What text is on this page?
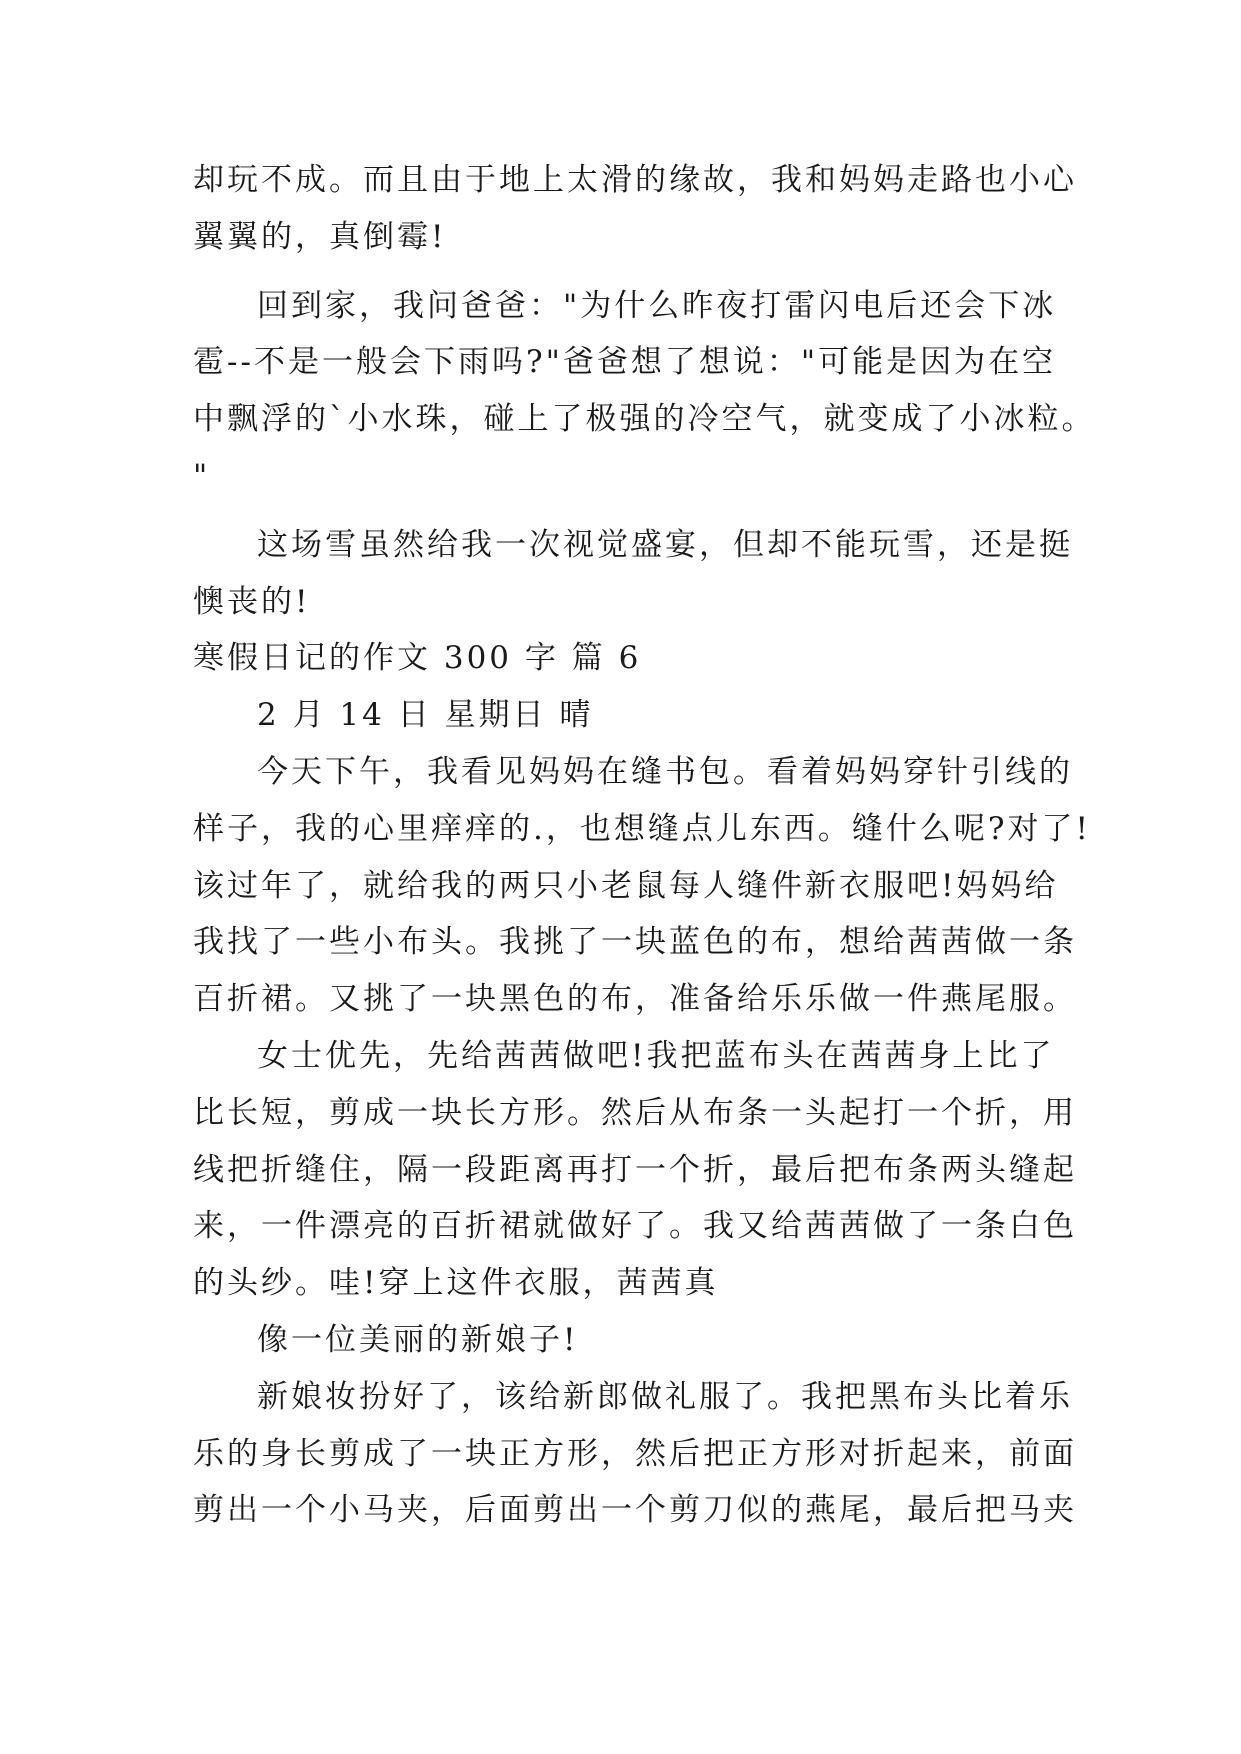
却玩不成。而且由于地上太滑的缘故，我和妈妈走路也小心
翼翼的，真倒霉!
回到家，我问爸爸："为什么昨夜打雷闪电后还会下冰
雹--不是一般会下雨吗?"爸爸想了想说："可能是因为在空
中飘浮的`小水珠，碰上了极强的冷空气，就变成了小冰粒。
"
这场雪虽然给我一次视觉盛宴，但却不能玩雪，还是挺
懊丧的!
寒假日记的作文 300 字 篇 6
2 月 14 日 星期日 晴
今天下午，我看见妈妈在缝书包。看着妈妈穿针引线的
样子，我的心里痒痒的.，也想缝点儿东西。缝什么呢?对了!
该过年了，就给我的两只小老鼠每人缝件新衣服吧!妈妈给
我找了一些小布头。我挑了一块蓝色的布，想给茜茜做一条
百折裙。又挑了一块黑色的布，准备给乐乐做一件燕尾服。
女士优先，先给茜茜做吧!我把蓝布头在茜茜身上比了
比长短，剪成一块长方形。然后从布条一头起打一个折，用
线把折缝住，隔一段距离再打一个折，最后把布条两头缝起
来，一件漂亮的百折裙就做好了。我又给茜茜做了一条白色
的头纱。哇!穿上这件衣服，茜茜真
像一位美丽的新娘子!
新娘妆扮好了，该给新郎做礼服了。我把黑布头比着乐
乐的身长剪成了一块正方形，然后把正方形对折起来，前面
剪出一个小马夹，后面剪出一个剪刀似的燕尾，最后把马夹
